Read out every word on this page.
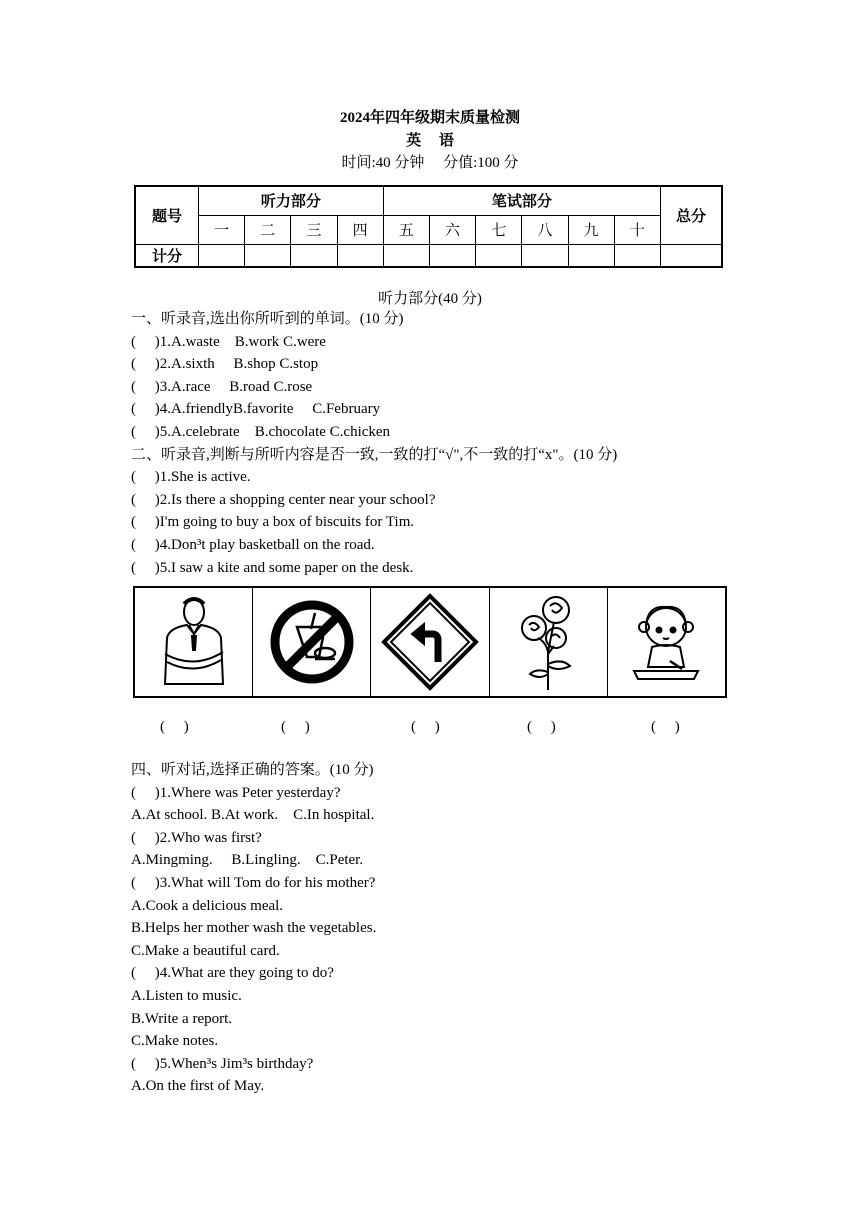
2024年四年级期末质量检测
英 语
时间:40 分钟　 分值:100 分
题号	听力部分				笔试部分						总分
	一	二	三	四	五	六	七	八	九	十	
计分											
听力部分(40 分)
一、听录音,选出你所听到的单词。(10 分)
(　 )1.A.waste　B.work C.were
(　 )2.A.sixth　 B.shop C.stop
(　 )3.A.race　 B.road C.rose
(　 )4.A.friendlyB.favorite　 C.February
(　 )5.A.celebrate　B.chocolate C.chicken
二、听录音,判断与所听内容是否一致,一致的打“√",不一致的打“x"。(10 分)
(　 )1.She is active.
(　 )2.Is there a shopping center near your school?
(　 )I'm going to buy a box of biscuits for Tim.
(　 )4.Don³t play basketball on the road.
(　 )5.I saw a kite and some paper on the desk.
(　 )	(　 )	(　 )	(　 )	(　 )
四、听对话,选择正确的答案。(10 分)
(　 )1.Where was Peter yesterday?
A.At school. B.At work.　C.In hospital.
(　 )2.Who was first?
A.Mingming.　 B.Lingling.　C.Peter.
(　 )3.What will Tom do for his mother?
A.Cook a delicious meal.
B.Helps her mother wash the vegetables.
C.Make a beautiful card.
(　 )4.What are they going to do?
A.Listen to music.
B.Write a report.
C.Make notes.
(　 )5.When³s Jim³s birthday?
A.On the first of May.
